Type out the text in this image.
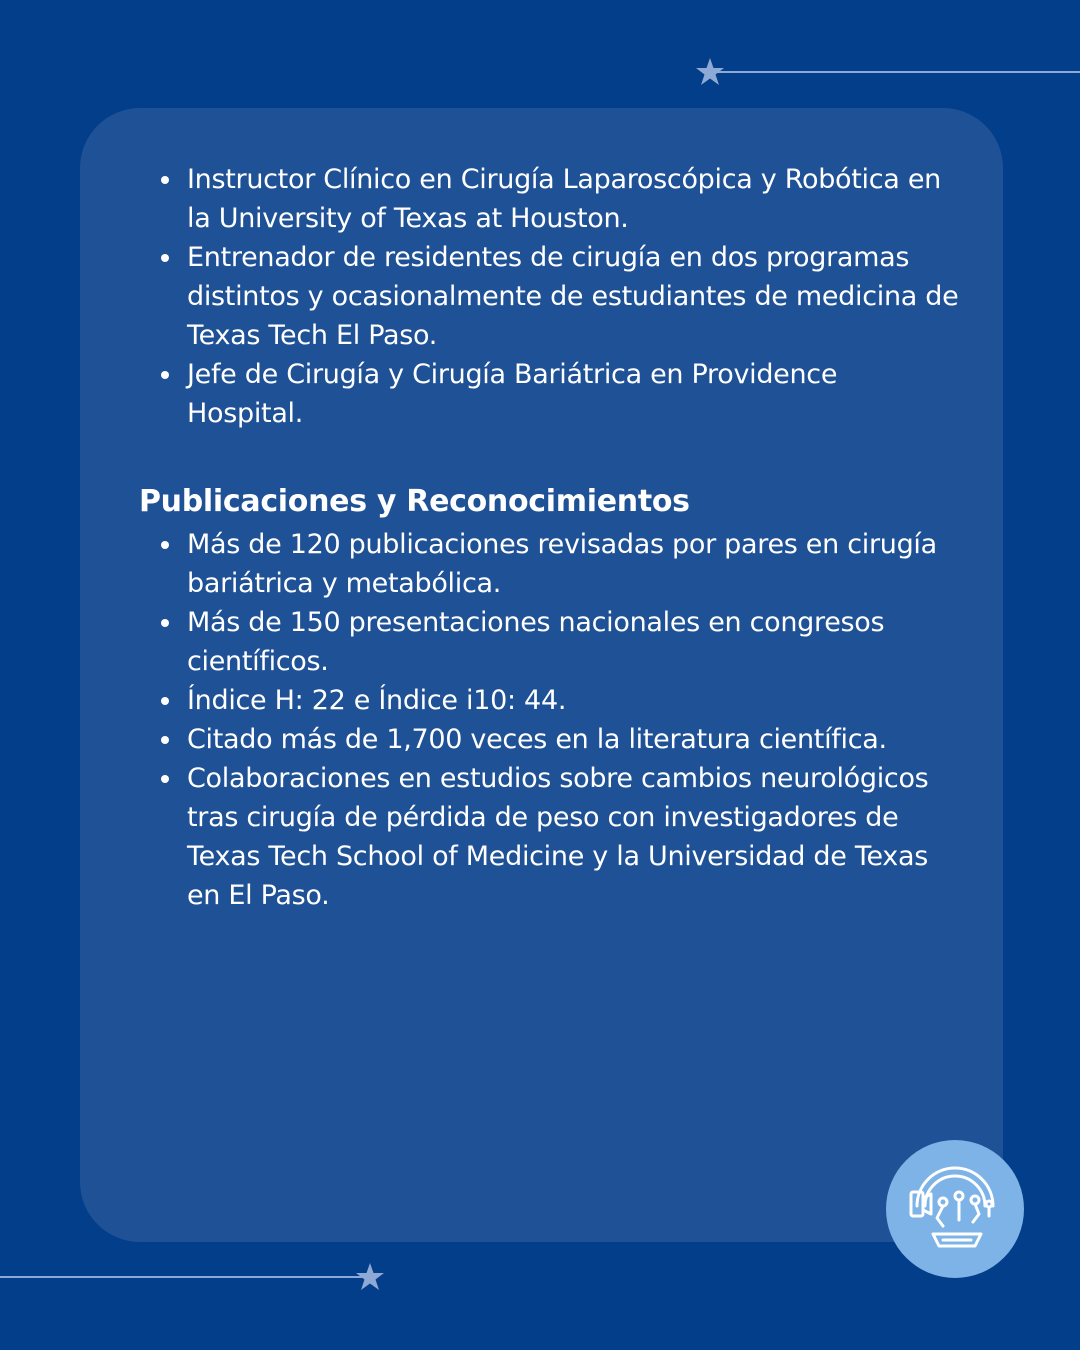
Instructor Clínico en Cirugía Laparoscópica y Robótica en la University of Texas at Houston.
Entrenador de residentes de cirugía en dos programas distintos y ocasionalmente de estudiantes de medicina de Texas Tech El Paso.
Jefe de Cirugía y Cirugía Bariátrica en Providence Hospital.
Publicaciones y Reconocimientos
Más de 120 publicaciones revisadas por pares en cirugía bariátrica y metabólica.
Más de 150 presentaciones nacionales en congresos científicos.
Índice H: 22 e Índice i10: 44.
Citado más de 1,700 veces en la literatura científica.
Colaboraciones en estudios sobre cambios neurológicos tras cirugía de pérdida de peso con investigadores de Texas Tech School of Medicine y la Universidad de Texas en El Paso.
